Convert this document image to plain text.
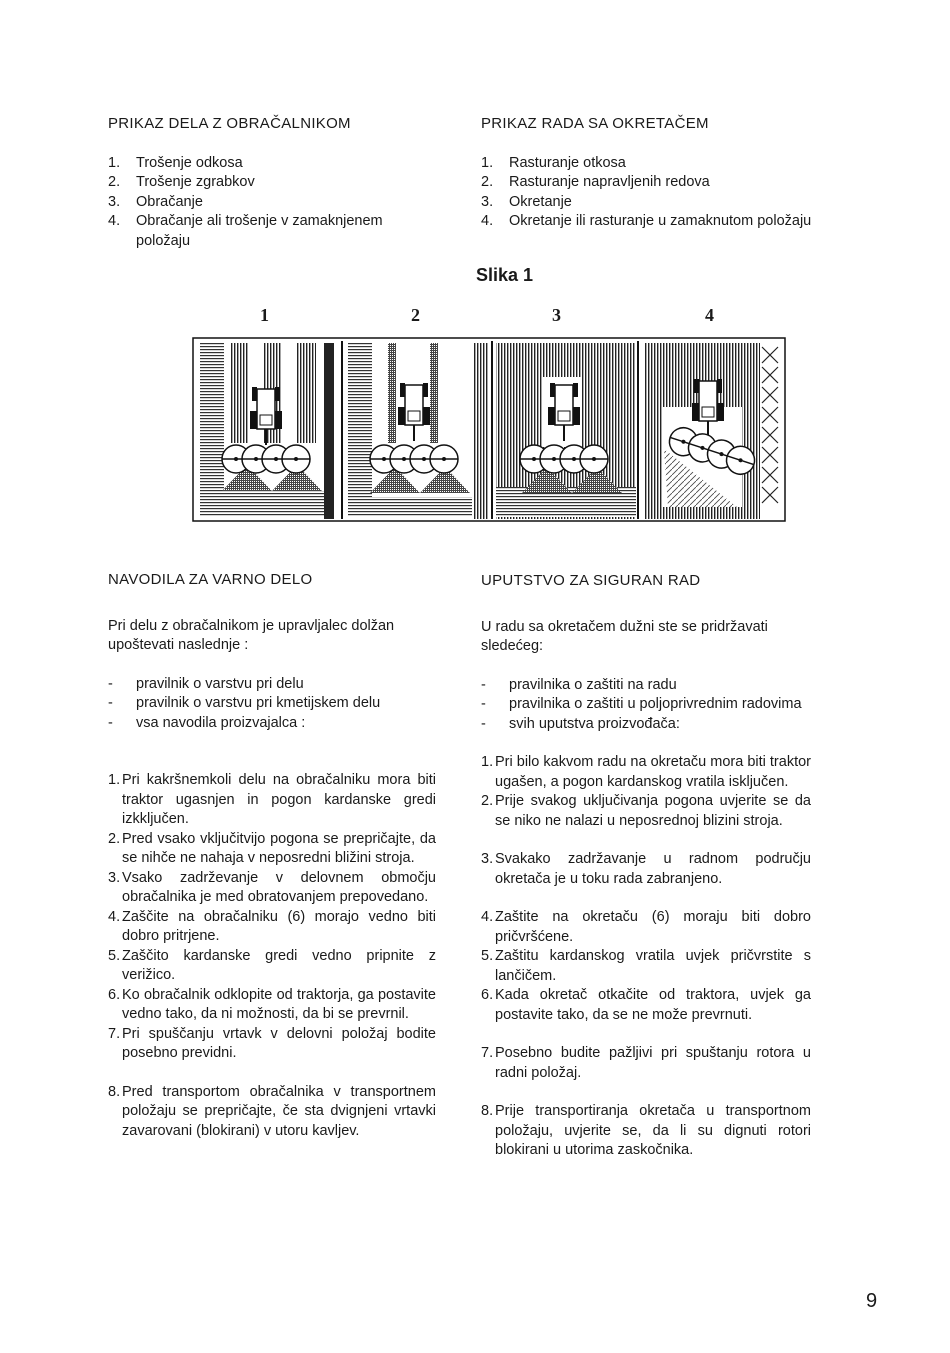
PRIKAZ DELA Z OBRAČALNIKOM
1. Trošenje odkosa
2. Trošenje zgrabkov
3. Obračanje
4. Obračanje ali trošenje v zamaknjenem položaju
PRIKAZ RADA SA OKRETAČEM
1. Rasturanje otkosa
2. Rasturanje napravljenih redova
3. Okretanje
4. Okretanje ili rasturanje u zamaknutom položaju

Slika 1

1	2	3	4
NAVODILA ZA VARNO DELO

Pri delu z obračalnikom je upravljalec dolžan upoštevati naslednje :

- pravilnik o varstvu pri delu
- pravilnik o varstvu pri kmetijskem delu
- vsa navodila proizvajalca :
1. Pri kakršnemkoli delu na obračalniku mora biti traktor ugasnjen in pogon kardanske gredi izkključen.
2. Pred vsako vključitvijo pogona se prepričajte, da se nihče ne nahaja v neposredni bližini stroja.
3. Vsako zadrževanje v delovnem območju obračalnika je med obratovanjem prepovedano.
4. Zaščite na obračalniku (6) morajo vedno biti dobro pritrjene.
5. Zaščito kardanske gredi vedno pripnite z verižico.
6. Ko obračalnik odklopite od traktorja, ga postavite vedno tako, da ni možnosti, da bi se prevrnil.
7. Pri spuščanju vrtavk v delovni položaj bodite posebno previdni.
8. Pred transportom obračalnika v transportnem položaju se prepričajte, če sta dvignjeni vrtavki zavarovani (blokirani) v utoru kavljev.
UPUTSTVO ZA SIGURAN RAD

U radu sa okretačem dužni ste se pridržavati sledećeg:

- pravilnika o zaštiti na radu
- pravilnika o zaštiti u poljoprivrednim radovima
- svih uputstva proizvođača:
1. Pri bilo kakvom radu na okretaču mora biti traktor ugašen, a pogon kardanskog vratila isključen.
2. Prije svakog uključivanja pogona uvjerite se da se niko ne nalazi u neposrednoj blizini stroja.
3. Svakako zadržavanje u radnom području okretača je u toku rada zabranjeno.
4. Zaštite na okretaču (6) moraju biti dobro pričvršćene.
5. Zaštitu kardanskog vratila uvjek pričvrstite s lančičem.
6. Kada okretač otkačite od traktora, uvjek ga postavite tako, da se ne može prevrnuti.
7. Posebno budite pažljivi pri spuštanju rotora u radni položaj.
8. Prije transportiranja okretača u transportnom položaju, uvjerite se, da li su dignuti rotori blokirani u utorima zaskočnika.
9
